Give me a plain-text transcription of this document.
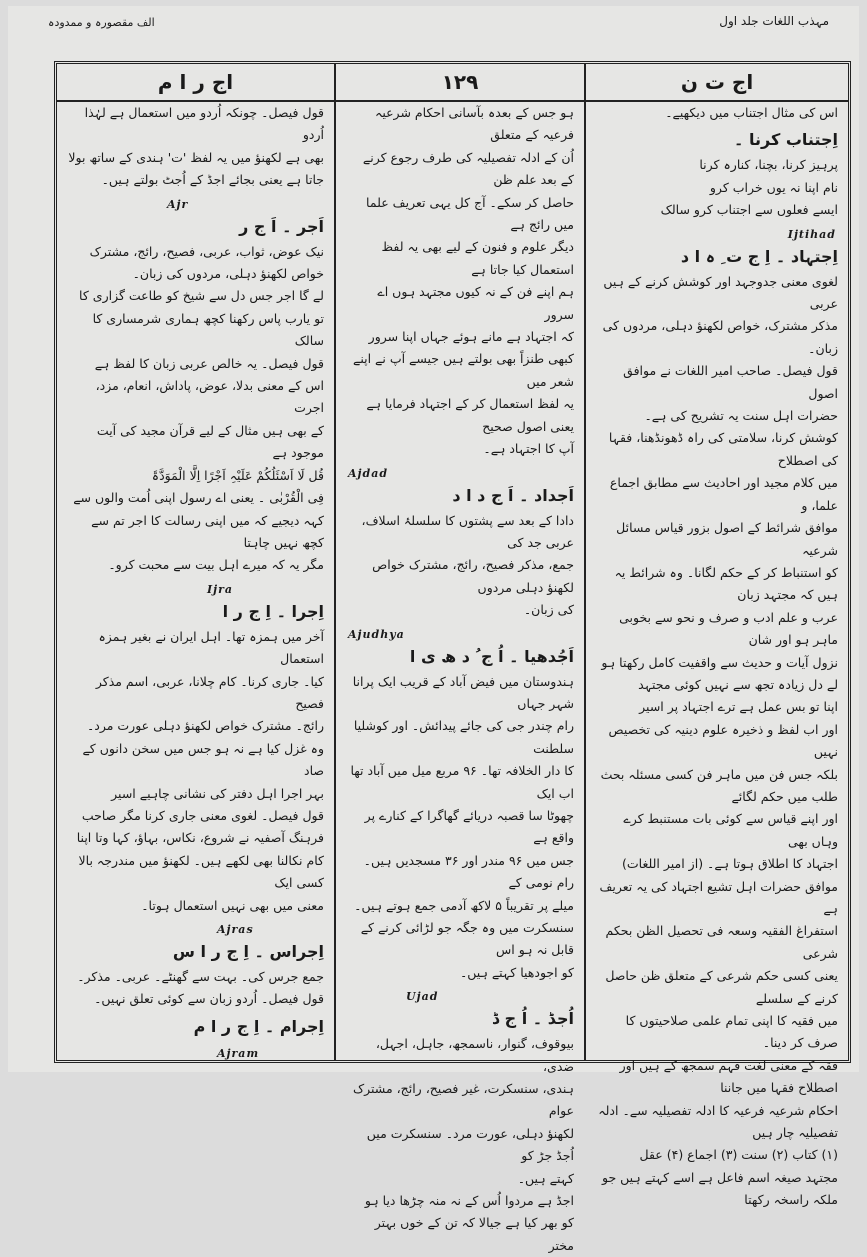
مہذب اللغات جلد اول
الف مقصورہ و ممدودہ
اج ت ن

اس کی مثال اجتناب میں دیکھیے۔

اِجتناب کرنا ۔

پرہیز کرنا، بچنا، کنارہ کرنا

نام اپنا نہ یوں خراب کرو

ایسے فعلوں سے اجتناب کرو سالک

Ijtihad
اِجتہاد ۔ اِ ج ت ِ ہ ا د

لغوی معنی جدوجہد اور کوشش کرنے کے ہیں عربی

مذکر مشترک، خواص لکھنؤ دہلی، مردوں کی زبان۔

قول فیصل۔ صاحب امیر اللغات نے موافق اصول

حضرات اہل سنت یہ تشریح کی ہے۔

کوشش کرنا، سلامتی کی راہ ڈھونڈھنا، فقہا کی اصطلاح

میں کلام مجید اور احادیث سے مطابق اجماع علما، و

موافق شرائط کے اصول بزور قیاس مسائل شرعیہ

کو استنباط کر کے حکم لگانا۔ وہ شرائط یہ ہیں کہ مجتہد زبان

عرب و علم ادب و صرف و نحو سے بخوبی ماہر ہو اور شان

نزول آیات و حدیث سے واقفیت کامل رکھتا ہو

لے دل زیادہ تجھ سے نہیں کوئی مجتہد

اپنا تو بس عمل ہے ترے اجتہاد پر اسیر

اور اب لفظ و ذخیرہ علوم دینیہ کی تخصیص نہیں

بلکہ جس فن میں ماہر فن کسی مسئلہ بحث طلب میں حکم لگائے

اور اپنے قیاس سے کوئی بات مستنبط کرے وہاں بھی

اجتہاد کا اطلاق ہوتا ہے۔ (از امیر اللغات)

موافق حضرات اہل تشیع اجتہاد کی یہ تعریف ہے

استفراغ الفقیہ وسعہ فی تحصیل الظن بحکم شرعی

یعنی کسی حکم شرعی کے متعلق ظن حاصل کرنے کے سلسلے

میں فقیہ کا اپنی تمام علمی صلاحیتوں کا صرف کر دینا۔

فقہ کے معنی لغت فہم سمجھ کے ہیں اور اصطلاح فقہا میں جاننا

احکام شرعیہ فرعیہ کا ادلہ تفصیلیہ سے۔ ادلہ تفصیلیہ چار ہیں

(۱) کتاب (۲) سنت (۳) اجماع (۴) عقل

مجتہد صیغہ اسم فاعل ہے اسے کہتے ہیں جو ملکہ راسخہ رکھتا

۱۲۹

ہو جس کے بعدہ بآسانی احکام شرعیہ فرعیہ کے متعلق

اُن کے ادلہ تفصیلیہ کی طرف رجوع کرنے کے بعد علم ظن

حاصل کر سکے۔ آج کل یہی تعریف علما میں رائج ہے

دیگر علوم و فنون کے لیے بھی یہ لفظ استعمال کیا جاتا ہے

ہم اپنے فن کے نہ کیوں مجتہد ہوں اے سرور

کہ اجتہاد ہے مانے ہوئے جہاں اپنا سرور

کبھی طنزاً بھی بولتے ہیں جیسے آپ نے اپنے شعر میں

یہ لفظ استعمال کر کے اجتہاد فرمایا ہے یعنی اصول صحیح

آپ کا اجتہاد ہے۔

Ajdad
اَجداد ۔ اَ ج د ا د

دادا کے بعد سے پشتوں کا سلسلۂ اسلاف، عربی جد کی

جمع، مذکر فصیح، رائج، مشترک خواص لکھنؤ دہلی مردوں

کی زبان۔

Ajudhya
اَجُدھیا ۔ اُ ج ُ د ھ ی ا

ہندوستان میں فیض آباد کے قریب ایک پرانا شہر جہاں

رام چندر جی کی جائے پیدائش۔ اور کوشلیا سلطنت

کا دار الخلافہ تھا۔ ۹۶ مربع میل میں آباد تھا اب ایک

چھوٹا سا قصبہ دریائے گھاگرا کے کنارے پر واقع ہے

جس میں ۹۶ مندر اور ۳۶ مسجدیں ہیں۔ رام نومی کے

میلے پر تقریباً ۵ لاکھ آدمی جمع ہوتے ہیں۔

سنسکرت میں وہ جگہ جو لڑائی کرنے کے قابل نہ ہو اس

کو اجودھیا کہتے ہیں۔

Ujad
اُجڈ ۔ اُ ج ڈ

بیوقوف، گنوار، ناسمجھ، جاہل، اجہل، ضدی،

ہندی، سنسکرت، غیر فصیح، رائج، مشترک عوام

لکھنؤ دہلی، عورت مرد۔ سنسکرت میں اُجڈ جڑ کو

کہتے ہیں۔

اجڈ ہے مردوا اُس کے نہ منہ چڑھا دیا ہو

کو بھر کیا ہے جیالا کہ تن کے خوں بہتر مختر

اج ر ا م

قول فیصل۔ چونکہ اُردو میں استعمال ہے لہٰذا اُردو

بھی ہے لکھنؤ میں یہ لفظ 'ت' ہندی کے ساتھ بولا

جاتا ہے یعنی بجائے اجڈ کے اُجٹ بولتے ہیں۔

Ajr
اَجر ۔ اَ ج ر

نیک عوض، ثواب، عربی، فصیح، رائج، مشترک

خواص لکھنؤ دہلی، مردوں کی زبان۔

لے گا اجر جس دل سے شیخ کو طاعت گزاری کا

تو یارب پاس رکھنا کچھ ہماری شرمساری کا سالک

قول فیصل۔ یہ خالص عربی زبان کا لفظ ہے

اس کے معنی بدلا، عوض، پاداش، انعام، مزد، اجرت

کے بھی ہیں مثال کے لیے قرآن مجید کی آیت موجود ہے

قُل لَا اَسْئَلُکُمْ عَلَیْہِ اَجْرًا اِلَّا الْمَوَدَّۃَ

فِی الْقُرْبٰی ۔ یعنی اے رسول اپنی اُمت والوں سے

کہہ دیجیے کہ میں اپنی رسالت کا اجر تم سے کچھ نہیں چاہتا

مگر یہ کہ میرے اہل بیت سے محبت کرو۔

Ijra
اِجرا ۔ اِ ج ر ا

آخر میں ہمزہ تھا۔ اہل ایران نے بغیر ہمزہ استعمال

کیا۔ جاری کرنا۔ کام چلانا، عربی، اسم مذکر فصیح

رائج۔ مشترک خواص لکھنؤ دہلی عورت مرد۔

وہ غزل کیا ہے نہ ہو جس میں سخن دانوں کے صاد

بہر اجرا اہل دفتر کی نشانی چاہیے اسیر

قول فیصل۔ لغوی معنی جاری کرنا مگر صاحب

فرہنگ آصفیہ نے شروع، نکاس، بہاؤ، کہا وتا اپنا

کام نکالنا بھی لکھے ہیں۔ لکھنؤ میں مندرجہ بالا کسی ایک

معنی میں بھی نہیں استعمال ہوتا۔

Ajras
اِجراس ۔ اِ ج ر ا س

جمع جرس کی۔ بہت سے گھنٹے۔ عربی۔ مذکر۔

قول فیصل۔ اُردو زبان سے کوئی تعلق نہیں۔

اِجرام ۔ اِ ج ر ا م
Ajram
